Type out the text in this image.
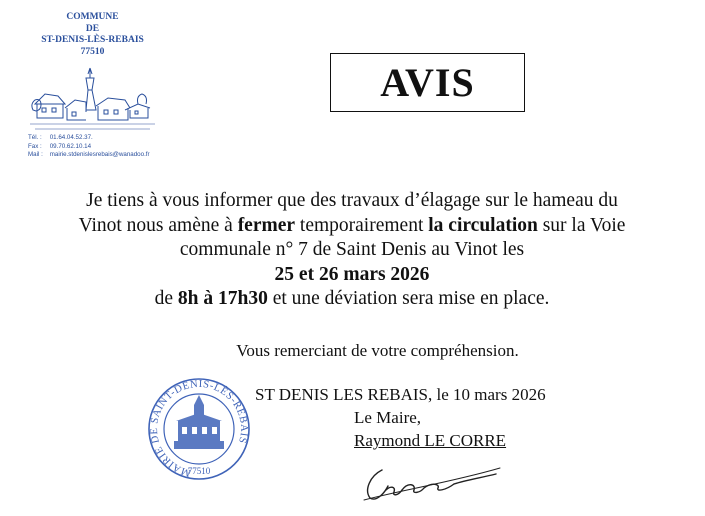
COMMUNE
DE
ST-DENIS-LÈS-REBAIS
77510
Tél. : 01.64.04.52.37.
Fax : 09.70.62.10.14
Mail : mairie.stdenislesrebais@wanadoo.fr
AVIS

Je tiens à vous informer que des travaux d’élagage sur le hameau du

Vinot nous amène à fermer temporairement la circulation sur la Voie

communale n° 7 de Saint Denis au Vinot les

25 et 26 mars 2026

de 8h à 17h30 et une déviation sera mise en place.

Vous remerciant de votre compréhension.
MAIRIE DE SAINT-DENIS-LÈS-REBAIS
77510
ST DENIS LES REBAIS, le 10 mars 2026
Le Maire,
Raymond LE CORRE
